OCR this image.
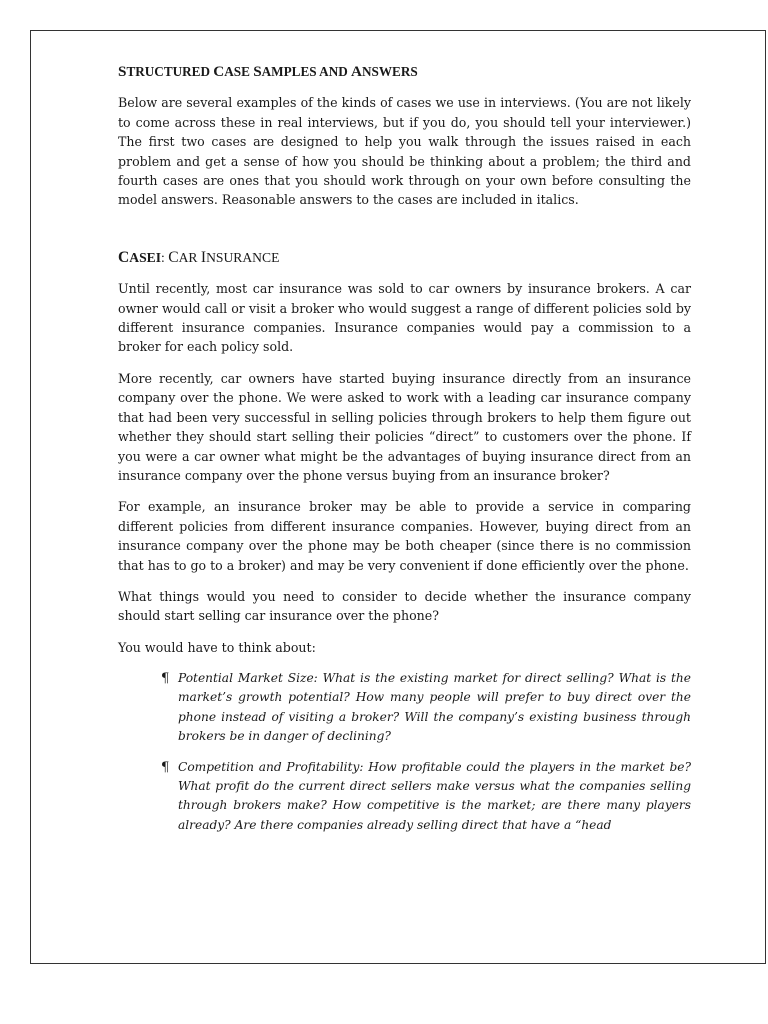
STRUCTURED CASE SAMPLES AND ANSWERS

Below are several examples of the kinds of cases we use in interviews. (You are not likely to come across these in real interviews, but if you do, you should tell your interviewer.) The first two cases are designed to help you walk through the issues raised in each problem and get a sense of how you should be thinking about a problem; the third and fourth cases are ones that you should work through on your own before consulting the model answers. Reasonable answers to the cases are included in italics.

CASEI: CAR INSURANCE

Until recently, most car insurance was sold to car owners by insurance brokers. A car owner would call or visit a broker who would suggest a range of different policies sold by different insurance companies. Insurance companies would pay a commission to a broker for each policy sold.

More recently, car owners have started buying insurance directly from an insurance company over the phone. We were asked to work with a leading car insurance company that had been very successful in selling policies through brokers to help them figure out whether they should start selling their policies “direct” to customers over the phone. If you were a car owner what might be the advantages of buying insurance direct from an insurance company over the phone versus buying from an insurance broker?

For example, an insurance broker may be able to provide a service in comparing different policies from different insurance companies. However, buying direct from an insurance company over the phone may be both cheaper (since there is no commission that has to go to a broker) and may be very convenient if done efficiently over the phone.

What things would you need to consider to decide whether the insurance company should start selling car insurance over the phone?

You would have to think about:

¶ Potential Market Size: What is the existing market for direct selling? What is the market’s growth potential? How many people will prefer to buy direct over the phone instead of visiting a broker? Will the company’s existing business through brokers be in danger of declining?
¶ Competition and Profitability: How profitable could the players in the market be? What profit do the current direct sellers make versus what the companies selling through brokers make? How competitive is the market; are there many players already? Are there companies already selling direct that have a “head
